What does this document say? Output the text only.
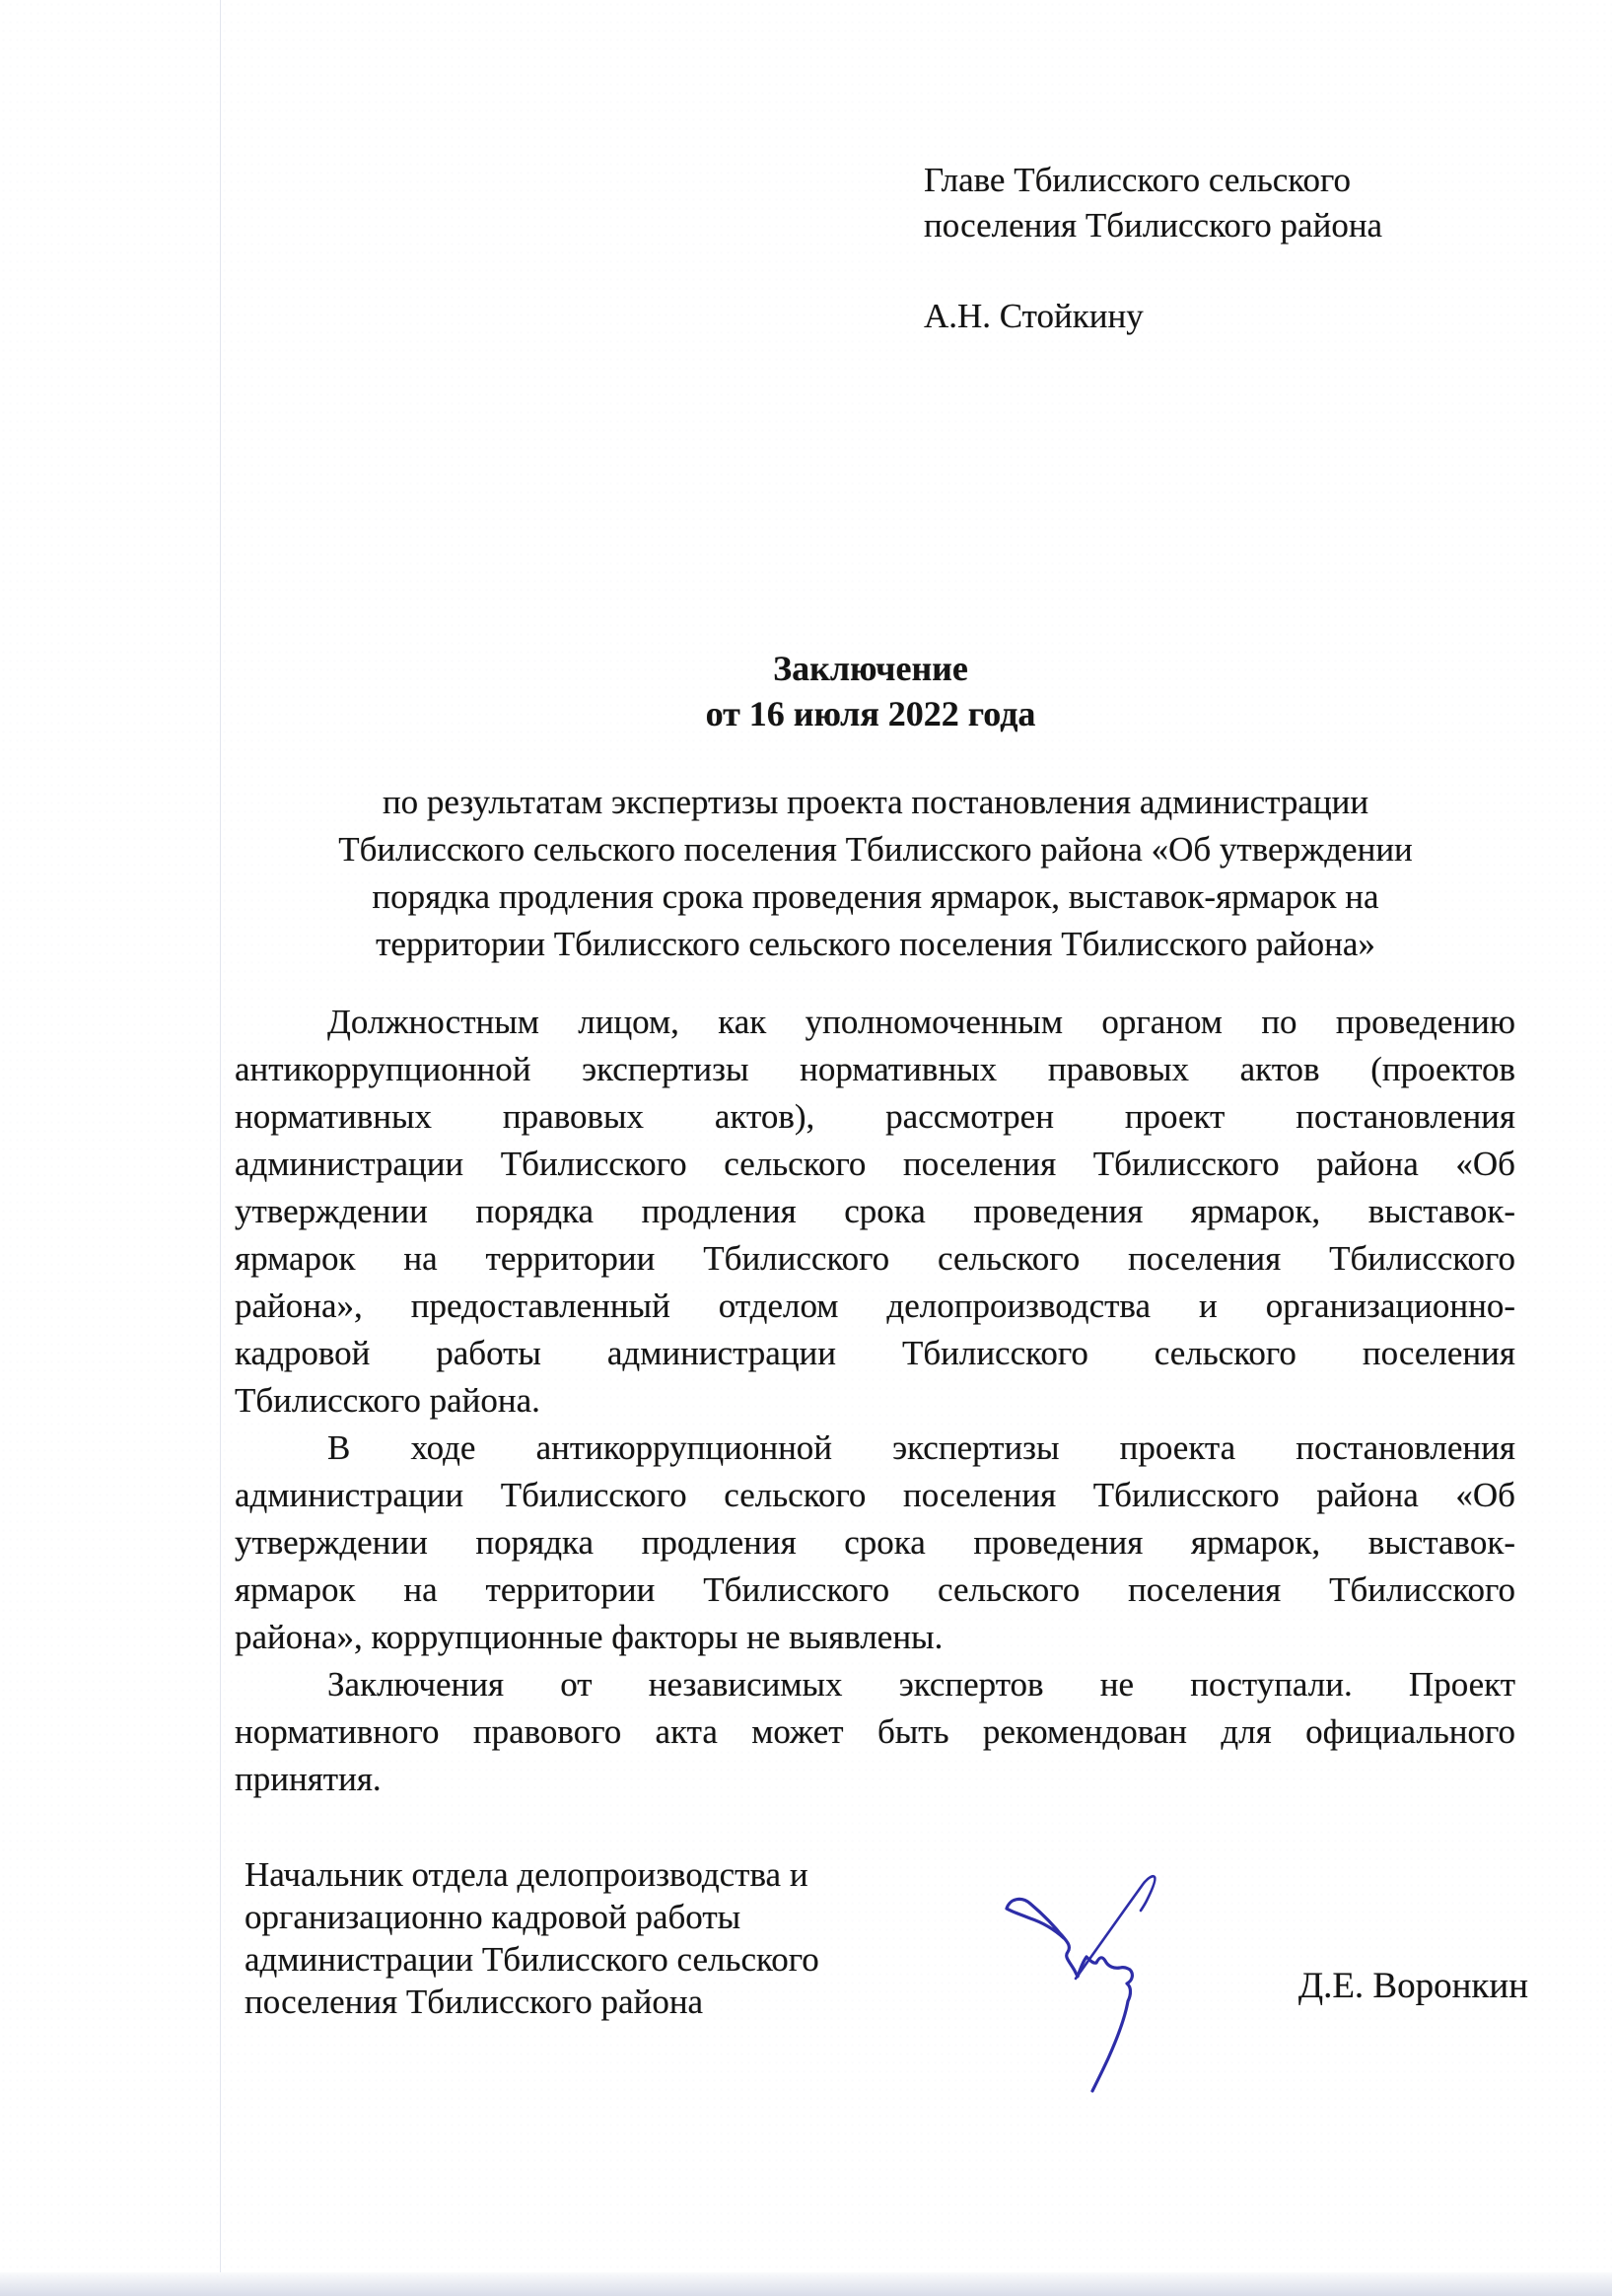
Главе Тбилисского сельского
поселения Тбилисского района
А.Н. Стойкину
Заключение
от 16 июля 2022 года
по результатам экспертизы проекта постановления администрации
Тбилисского сельского поселения Тбилисского района «Об утверждении
порядка продления срока проведения ярмарок, выставок-ярмарок на
территории Тбилисского сельского поселения Тбилисского района»
Должностным лицом, как уполномоченным органом по проведению
антикоррупционной экспертизы нормативных правовых актов (проектов
нормативных правовых актов), рассмотрен проект постановления
администрации Тбилисского сельского поселения Тбилисского района «Об
утверждении порядка продления срока проведения ярмарок, выставок-
ярмарок на территории Тбилисского сельского поселения Тбилисского
района», предоставленный отделом делопроизводства и организационно-
кадровой работы администрации Тбилисского сельского поселения
Тбилисского района.
В ходе антикоррупционной экспертизы проекта постановления
администрации Тбилисского сельского поселения Тбилисского района «Об
утверждении порядка продления срока проведения ярмарок, выставок-
ярмарок на территории Тбилисского сельского поселения Тбилисского
района», коррупционные факторы не выявлены.
Заключения от независимых экспертов не поступали. Проект
нормативного правового акта может быть рекомендован для официального
принятия.
Начальник отдела делопроизводства и
организационно кадровой работы
администрации Тбилисского сельского
поселения Тбилисского района	Д.Е. Воронкин
